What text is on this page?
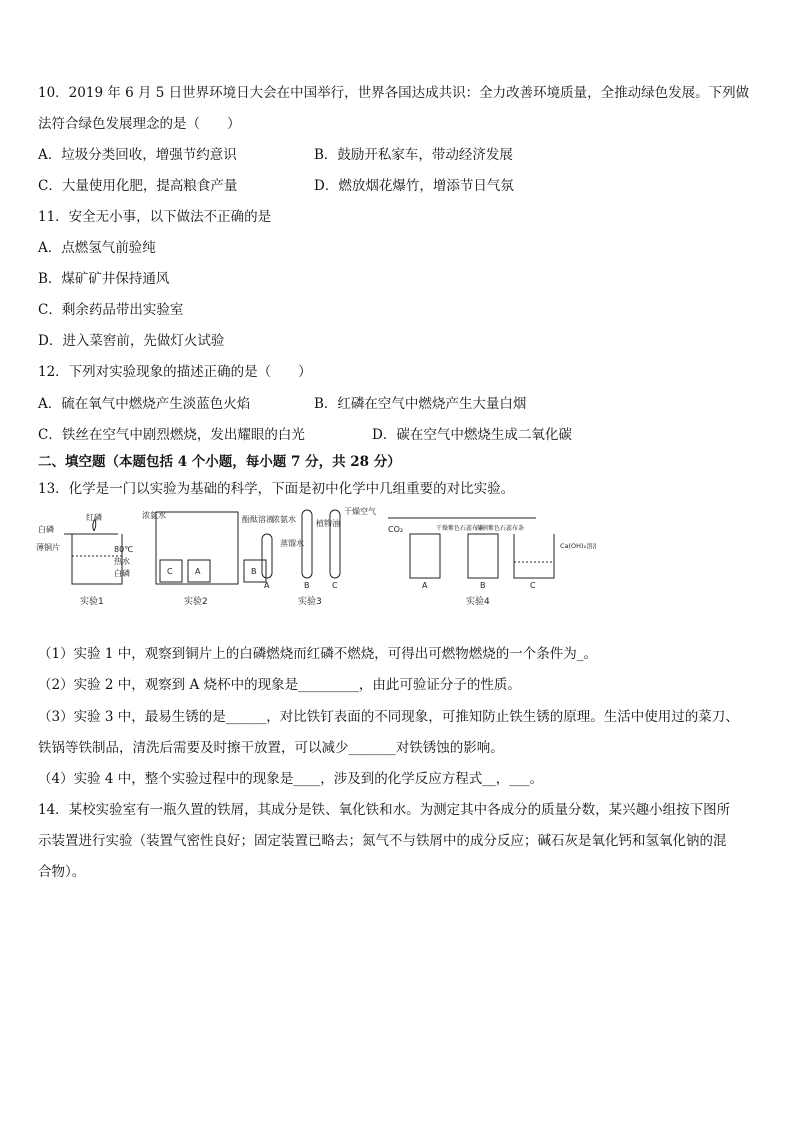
10．2019 年 6 月 5 日世界环境日大会在中国举行，世界各国达成共识：全力改善环境质量，全推动绿色发展。下列做
法符合绿色发展理念的是（　　）
A．垃圾分类回收，增强节约意识	B．鼓励开私家车，带动经济发展
C．大量使用化肥，提高粮食产量	D．燃放烟花爆竹，增添节日气氛
11．安全无小事，以下做法不正确的是
A．点燃氢气前验纯
B．煤矿矿井保持通风
C．剩余药品带出实验室
D．进入菜窖前，先做灯火试验
12．下列对实验现象的描述正确的是（　　）
A．硫在氧气中燃烧产生淡蓝色火焰	B．红磷在空气中燃烧产生大量白烟
C．铁丝在空气中剧烈燃烧，发出耀眼的白光	D．碳在空气中燃烧生成二氧化碳
二、填空题（本题包括 4 个小题，每小题 7 分，共 28 分）
13．化学是一门以实验为基础的科学，下面是初中化学中几组重要的对比实验。
白磷
薄铜片
红磷
80℃
热水
白磷
实验1
浓氨水
C	A	B
酚酞溶液
浓氨水
实验2
A	B	C
蒸馏水
植物油
干燥空气
实验3
CO₂	干燥紫色石蕊布条
湿润紫色石蕊布条
Ca(OH)₂溶液
A	B	C
实验4
（1）实验 1 中，观察到铜片上的白磷燃烧而红磷不燃烧，可得出可燃物燃烧的一个条件为_。
（2）实验 2 中，观察到 A 烧杯中的现象是_________，由此可验证分子的性质。
（3）实验 3 中，最易生锈的是______，对比铁钉表面的不同现象，可推知防止铁生锈的原理。生活中使用过的菜刀、
铁锅等铁制品，清洗后需要及时擦干放置，可以减少_______对铁锈蚀的影响。
（4）实验 4 中，整个实验过程中的现象是____，涉及到的化学反应方程式__，___。
14．某校实验室有一瓶久置的铁屑，其成分是铁、氧化铁和水。为测定其中各成分的质量分数，某兴趣小组按下图所
示装置进行实验（装置气密性良好；固定装置已略去；氮气不与铁屑中的成分反应；碱石灰是氧化钙和氢氧化钠的混
合物）。
